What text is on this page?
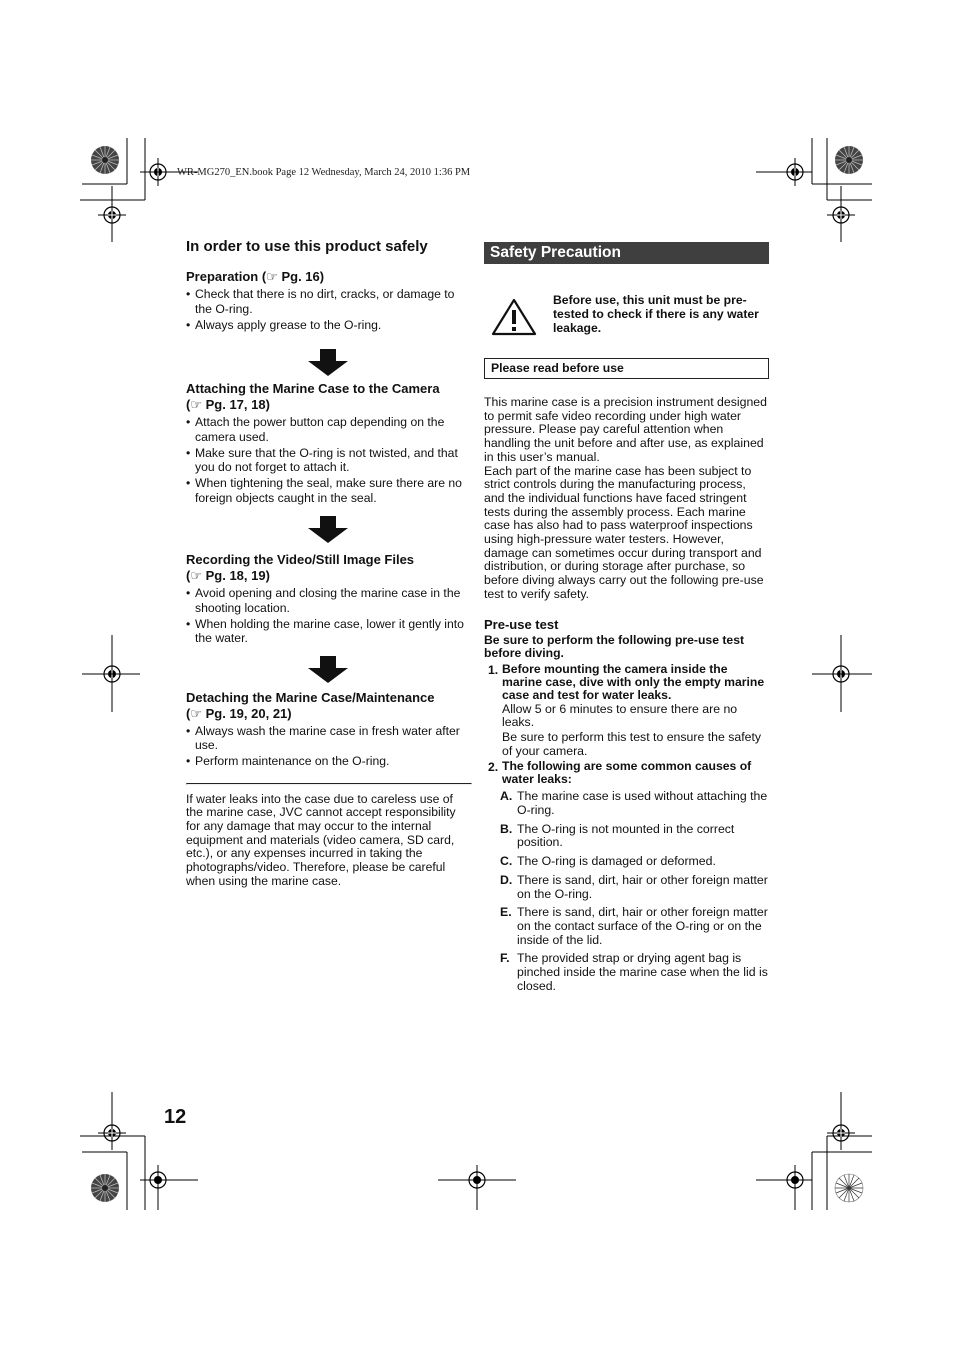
WR-MG270_EN.book Page 12 Wednesday, March 24, 2010 1:36 PM
In order to use this product safely

Preparation (☞ Pg. 16)

• Check that there is no dirt, cracks, or damage to the O-ring.
• Always apply grease to the O-ring.

Attaching the Marine Case to the Camera

(☞ Pg. 17, 18)

• Attach the power button cap depending on the camera used.
• Make sure that the O-ring is not twisted, and that you do not forget to attach it.
• When tightening the seal, make sure there are no foreign objects caught in the seal.

Recording the Video/Still Image Files

(☞ Pg. 18, 19)

• Avoid opening and closing the marine case in the shooting location.
• When holding the marine case, lower it gently into the water.

Detaching the Marine Case/Maintenance

(☞ Pg. 19, 20, 21)

• Always wash the marine case in fresh water after use.
• Perform maintenance on the O-ring.

If water leaks into the case due to careless use of the marine case, JVC cannot accept responsibility for any damage that may occur to the internal equipment and materials (video camera, SD card, etc.), or any expenses incurred in taking the photographs/video. Therefore, please be careful when using the marine case.

Safety Precaution
Before use, this unit must be pre-tested to check if there is any water leakage.
Please read before use

This marine case is a precision instrument designed to permit safe video recording under high water pressure. Please pay careful attention when handling the unit before and after use, as explained in this user’s manual.

Each part of the marine case has been subject to strict controls during the manufacturing process, and the individual functions have faced stringent tests during the assembly process. Each marine case has also had to pass waterproof inspections using high-pressure water testers. However, damage can sometimes occur during transport and distribution, or during storage after purchase, so before diving always carry out the following pre-use test to verify safety.

Pre-use test

Be sure to perform the following pre-use test before diving.

1. Before mounting the camera inside the marine case, dive with only the empty marine case and test for water leaks.

Allow 5 or 6 minutes to ensure there are no leaks.

Be sure to perform this test to ensure the safety of your camera.

2. The following are some common causes of water leaks:

A. The marine case is used without attaching the O-ring.
B. The O-ring is not mounted in the correct position.
C. The O-ring is damaged or deformed.
D. There is sand, dirt, hair or other foreign matter on the O-ring.
E. There is sand, dirt, hair or other foreign matter on the contact surface of the O-ring or on the inside of the lid.
F. The provided strap or drying agent bag is pinched inside the marine case when the lid is closed.
12
